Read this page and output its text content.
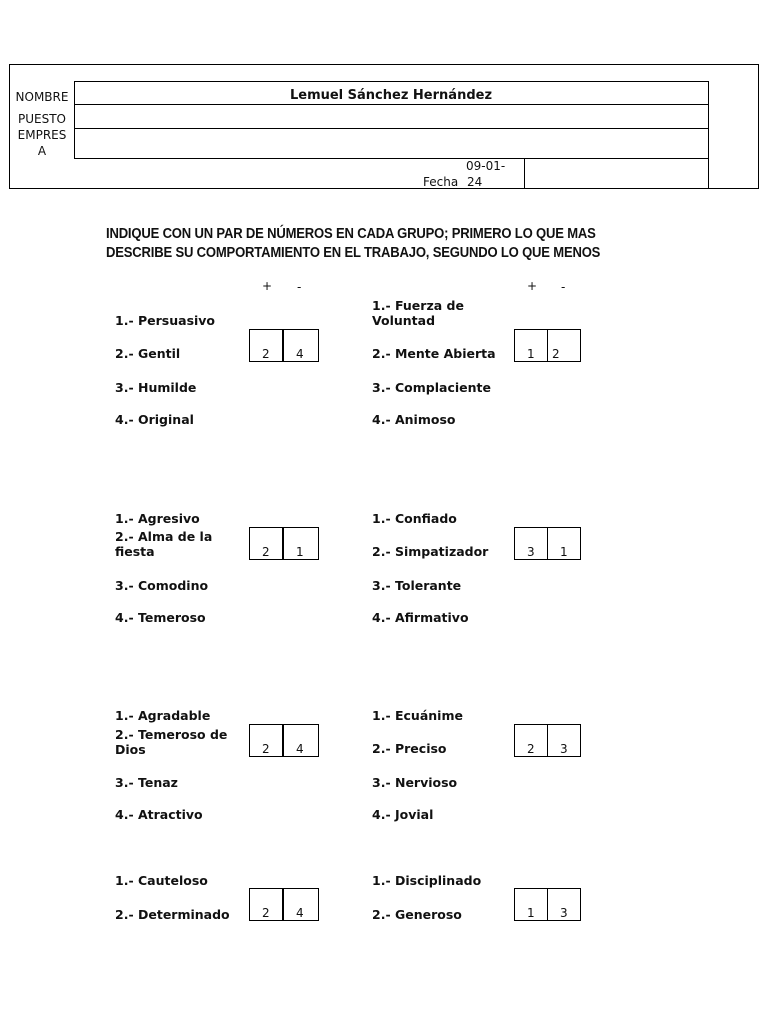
NOMBRE	Lemuel Sánchez Hernández
PUESTO
EMPRES
A
09-01-
Fecha 24
INDIQUE CON UN PAR DE NÚMEROS EN CADA GRUPO; PRIMERO LO QUE MAS
DESCRIBE SU COMPORTAMIENTO EN EL TRABAJO, SEGUNDO LO QUE MENOS
+ -	+ -
1.- Persuasivo
2.- Gentil
3.- Humilde
4.- Original
2 4
1.- Fuerza de Voluntad
2.- Mente Abierta
3.- Complaciente
4.- Animoso
1 2
1.- Agresivo
2.- Alma de la fiesta
3.- Comodino
4.- Temeroso
2 1
1.- Confiado
2.- Simpatizador
3.- Tolerante
4.- Afirmativo
3 1
1.- Agradable
2.- Temeroso de Dios
3.- Tenaz
4.- Atractivo
2 4
1.- Ecuánime
2.- Preciso
3.- Nervioso
4.- Jovial
2 3
1.- Cauteloso
2.- Determinado	2 4
1.- Disciplinado
2.- Generoso	1 3
